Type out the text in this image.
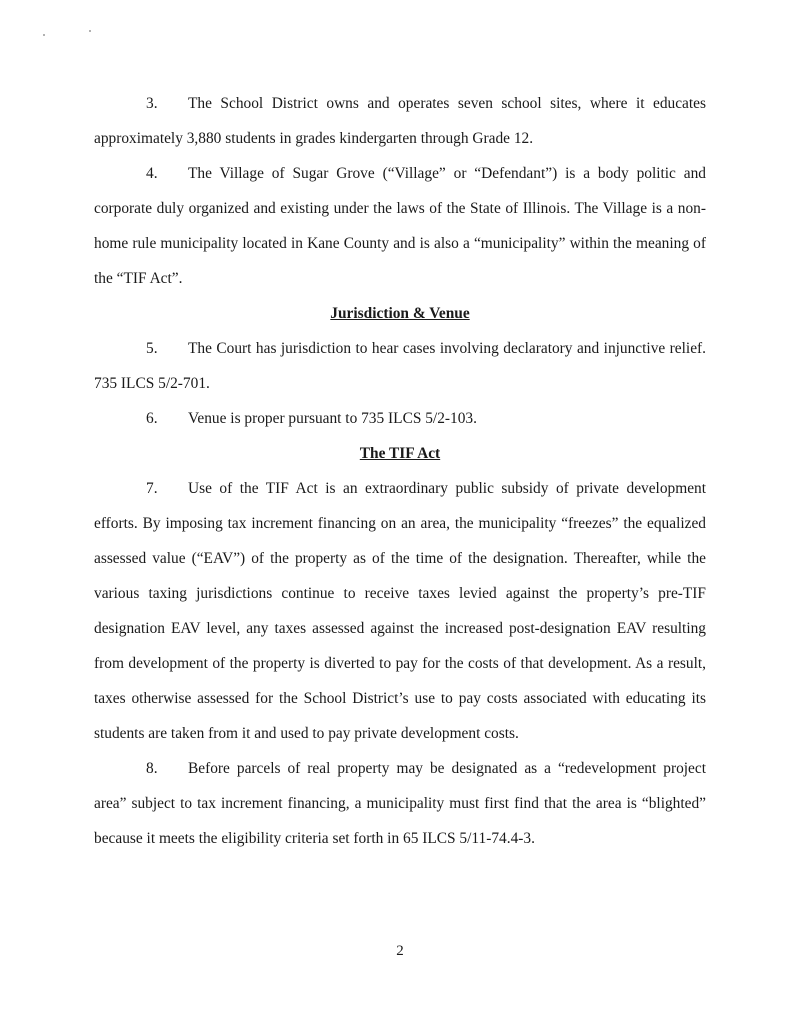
3. The School District owns and operates seven school sites, where it educates approximately 3,880 students in grades kindergarten through Grade 12.

4. The Village of Sugar Grove (“Village” or “Defendant”) is a body politic and corporate duly organized and existing under the laws of the State of Illinois. The Village is a non-home rule municipality located in Kane County and is also a “municipality” within the meaning of the “TIF Act”.

Jurisdiction & Venue

5. The Court has jurisdiction to hear cases involving declaratory and injunctive relief. 735 ILCS 5/2-701.

6. Venue is proper pursuant to 735 ILCS 5/2-103.

The TIF Act

7. Use of the TIF Act is an extraordinary public subsidy of private development efforts. By imposing tax increment financing on an area, the municipality “freezes” the equalized assessed value (“EAV”) of the property as of the time of the designation. Thereafter, while the various taxing jurisdictions continue to receive taxes levied against the property’s pre-TIF designation EAV level, any taxes assessed against the increased post-designation EAV resulting from development of the property is diverted to pay for the costs of that development. As a result, taxes otherwise assessed for the School District’s use to pay costs associated with educating its students are taken from it and used to pay private development costs.

8. Before parcels of real property may be designated as a “redevelopment project area” subject to tax increment financing, a municipality must first find that the area is “blighted” because it meets the eligibility criteria set forth in 65 ILCS 5/11-74.4-3.

2
